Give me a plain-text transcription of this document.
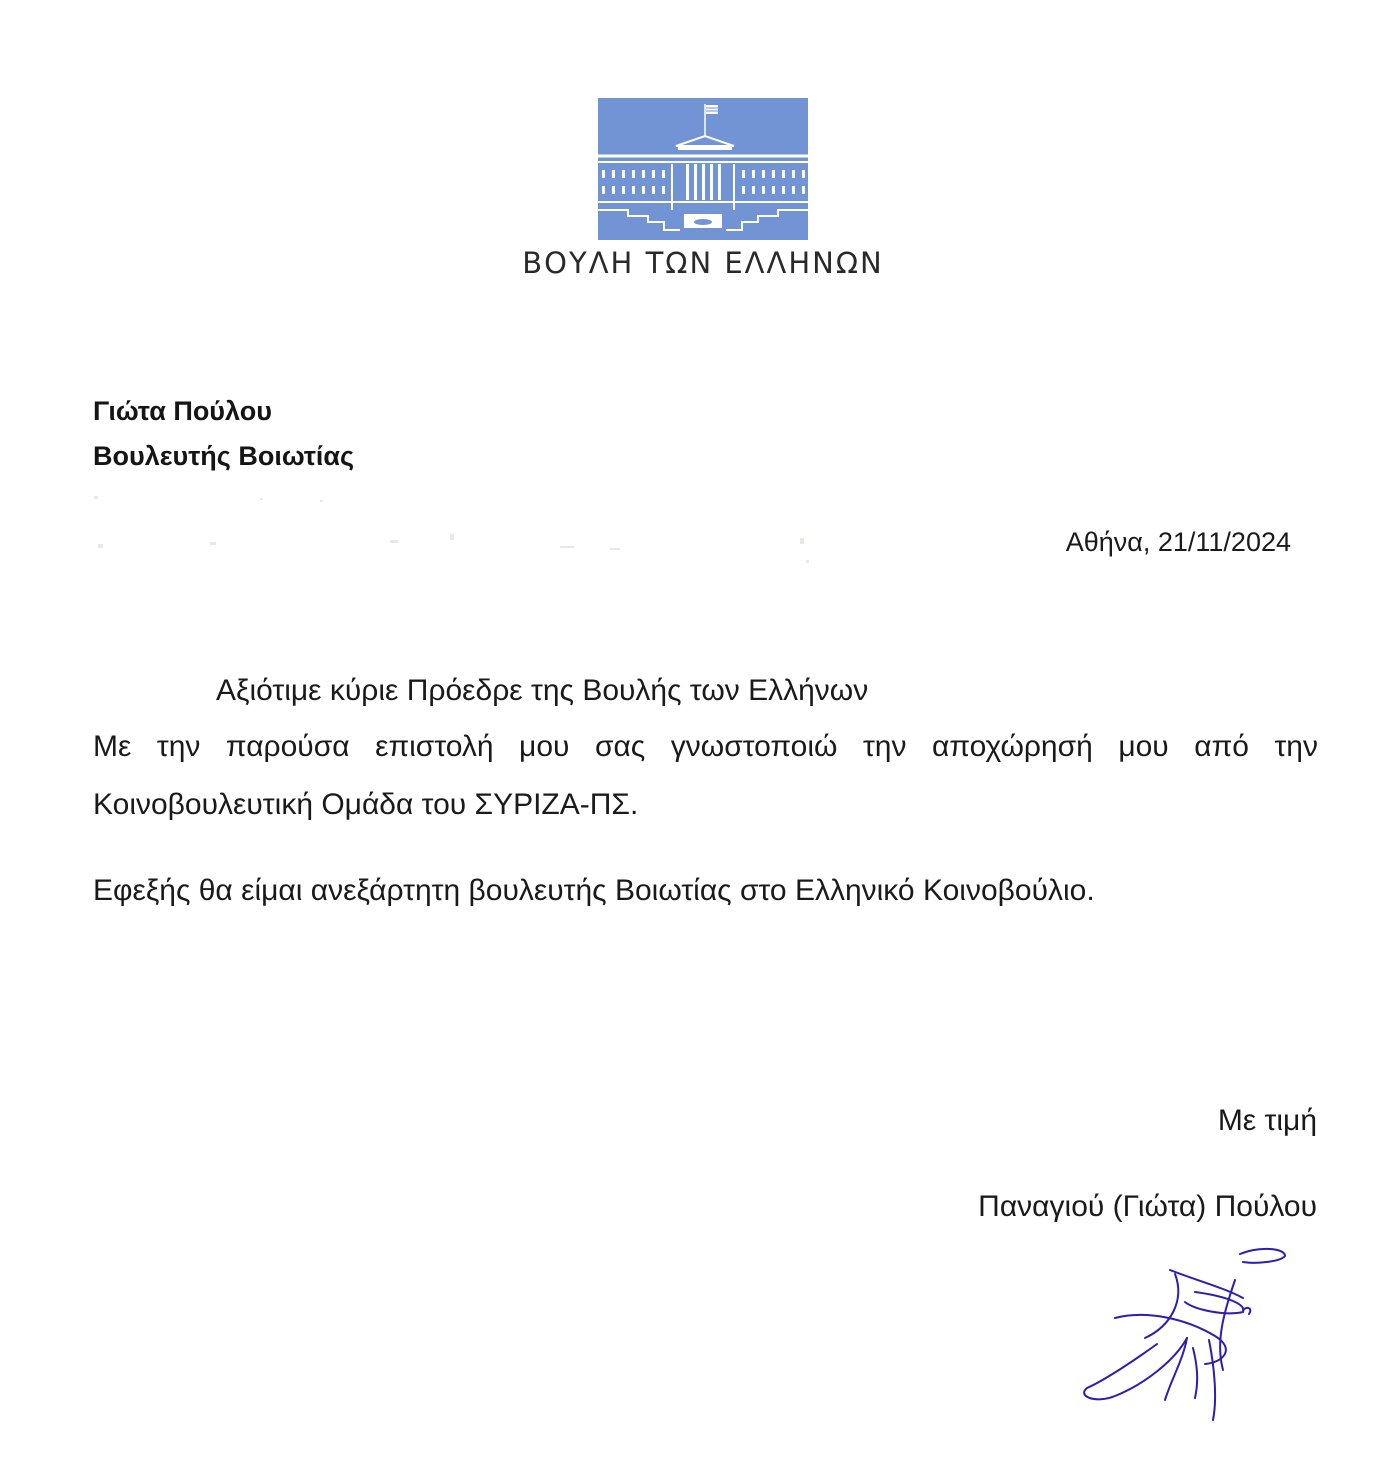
ΒΟΥΛΗ ΤΩΝ ΕΛΛΗΝΩΝ
Γιώτα Πούλου
Βουλευτής Βοιωτίας
Αθήνα, 21/11/2024
Αξιότιμε κύριε Πρόεδρε της Βουλής των Ελλήνων
Με την παρούσα επιστολή μου σας γνωστοποιώ την αποχώρησή μου από την Κοινοβουλευτική Ομάδα του ΣΥΡΙΖΑ-ΠΣ.
Εφεξής θα είμαι ανεξάρτητη βουλευτής Βοιωτίας στο Ελληνικό Κοινοβούλιο.
Με τιμή
Παναγιού (Γιώτα) Πούλου
